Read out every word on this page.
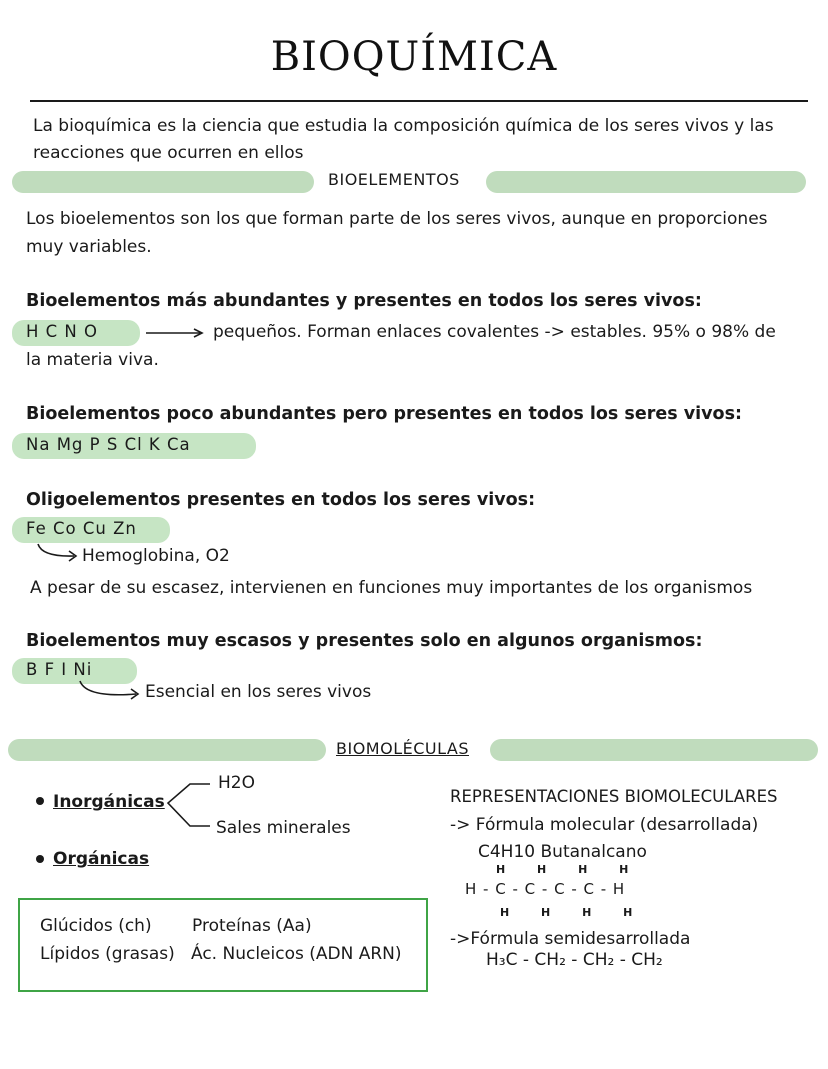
BIOQUÍMICA
La bioquímica es la ciencia que estudia la composición química de los seres vivos y las
reacciones que ocurren en ellos
BIOELEMENTOS
Los bioelementos son los que forman parte de los seres vivos, aunque en proporciones
muy variables.
Bioelementos más abundantes y presentes en todos los seres vivos:
H C N O	pequeños. Forman enlaces covalentes -> estables. 95% o 98% de
la materia viva.
Bioelementos poco abundantes pero presentes en todos los seres vivos:
Na Mg P S Cl K Ca
Oligoelementos presentes en todos los seres vivos:
Fe Co Cu Zn
Hemoglobina, O2
A pesar de su escasez, intervienen en funciones muy importantes de los organismos
Bioelementos muy escasos y presentes solo en algunos organismos:
B F I Ni
Esencial en los seres vivos
BIOMOLÉCULAS
Inorgánicas
H2O
Sales minerales
Orgánicas
Glúcidos (ch) Proteínas (Aa)
Lípidos (grasas) Ác. Nucleicos (ADN ARN)
REPRESENTACIONES BIOMOLECULARES
-> Fórmula molecular (desarrollada)
C4H10 Butanalcano
H H H H
H - C - C - C - C - H
H H H H
->Fórmula semidesarrollada
H₃C - CH₂ - CH₂ - CH₂
